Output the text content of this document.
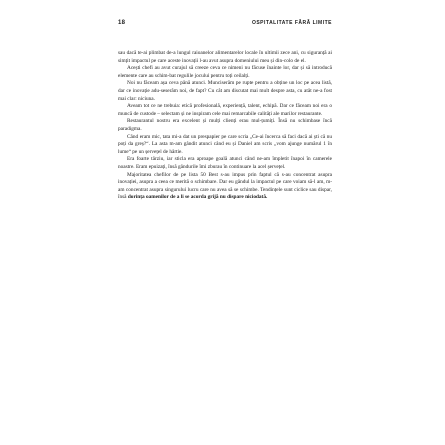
18	OSPITALITATE FĂRĂ LIMITE

sau dacă te-ai plimbat de-a lungul raioanelor alimentarelor locale în ultimii zece ani, cu siguranță ai simțit impactul pe care aceste inovații l-au avut asupra domeniului meu și din-colo de el.

Acești chefi au avut curajul să creeze ceva ce nimeni nu făcuse înainte lor, dar și să introducă elemente care au schim-bat regulile jocului pentru toți ceilalți.

Noi nu făceam așa ceva până atunci. Munciserăm pe rupte pentru a obține un loc pe acea listă, dar ce inovație adu-seserăm noi, de fapt? Cu cât am discutat mai mult despre asta, cu atât ne-a fost mai clar: niciuna.

Aveam tot ce ne trebuia: etică profesională, experiență, talent, echipă. Dar ce făceam noi era o muncă de custode – selectam și ne inspiram cele mai remarcabile calități ale marilor restaurante.

Restaurantul nostru era excelent și mulți clienți erau mul-țumiți. Însă nu schimbase încă paradigma.

Când eram mic, tata mi-a dat un prespapier pe care scria „Ce-ai încerca să faci dacă ai ști că nu poți da greș?“. La asta m-am gândit atunci când eu și Daniel am scris „vom ajunge numărul 1 în lume“ pe un șervețel de hârtie.

Era foarte târziu, iar sticla era aproape goală atunci când ne-am împletit înapoi în camerele noastre. Eram epuizați, însă gândurile îmi zburau în continuare la acel șervețel.

Majoritatea chefilor de pe lista 50 Best s-au impus prin faptul că s-au concentrat asupra inovației, asupra a ceea ce merită o schimbare. Dar eu gândul la impactul pe care voiam să-l am, m-am concentrat asupra singurului lucru care nu avea să se schimbe. Tendințele sunt ciclice sau dispar, însă dorința oamenilor de a li se acorda grijă nu dispare niciodată.
